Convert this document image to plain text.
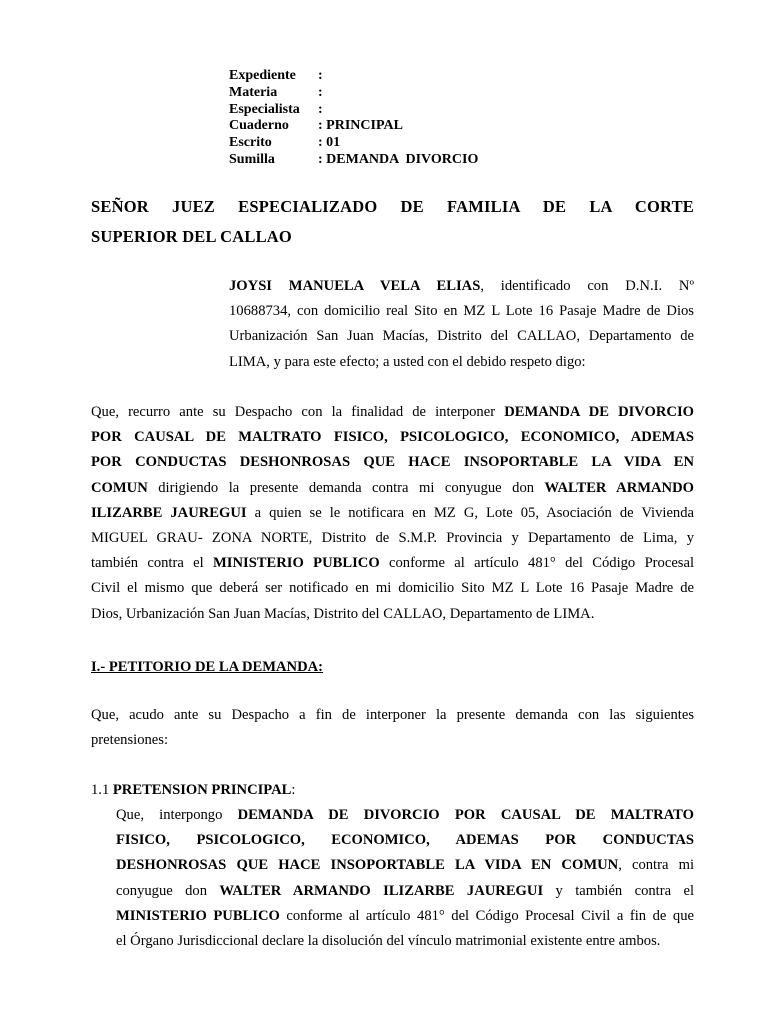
Expediente	:
Materia	:
Especialista	:
Cuaderno	: PRINCIPAL
Escrito	: 01
Sumilla	: DEMANDA  DIVORCIO
SEÑOR JUEZ ESPECIALIZADO DE FAMILIA DE LA CORTE
SUPERIOR DEL CALLAO
JOYSI MANUELA VELA ELIAS, identificado con D.N.I. Nº
10688734, con domicilio real Sito en MZ L Lote 16 Pasaje Madre de Dios
Urbanización San Juan Macías, Distrito del CALLAO, Departamento de
LIMA, y para este efecto; a usted con el debido respeto digo:
Que, recurro ante su Despacho con la finalidad de interponer DEMANDA DE DIVORCIO
POR CAUSAL DE MALTRATO FISICO, PSICOLOGICO, ECONOMICO, ADEMAS
POR CONDUCTAS DESHONROSAS QUE HACE INSOPORTABLE LA VIDA EN
COMUN dirigiendo la presente demanda contra mi conyugue don WALTER ARMANDO
ILIZARBE JAUREGUI a quien se le notificara en MZ G, Lote 05, Asociación de Vivienda
MIGUEL GRAU- ZONA NORTE, Distrito de S.M.P. Provincia y Departamento de Lima, y
también contra el MINISTERIO PUBLICO conforme al artículo 481° del Código Procesal
Civil el mismo que deberá ser notificado en mi domicilio Sito MZ L Lote 16 Pasaje Madre de
Dios, Urbanización San Juan Macías, Distrito del CALLAO, Departamento de LIMA.
I.- PETITORIO DE LA DEMANDA:
Que, acudo ante su Despacho a fin de interponer la presente demanda con las siguientes
pretensiones:
1.1 PRETENSION PRINCIPAL:
Que, interpongo DEMANDA DE DIVORCIO POR CAUSAL DE MALTRATO
FISICO, PSICOLOGICO, ECONOMICO, ADEMAS POR CONDUCTAS
DESHONROSAS QUE HACE INSOPORTABLE LA VIDA EN COMUN, contra mi
conyugue don WALTER ARMANDO ILIZARBE JAUREGUI y también contra el
MINISTERIO PUBLICO conforme al artículo 481° del Código Procesal Civil a fin de que
el Órgano Jurisdiccional declare la disolución del vínculo matrimonial existente entre ambos.
